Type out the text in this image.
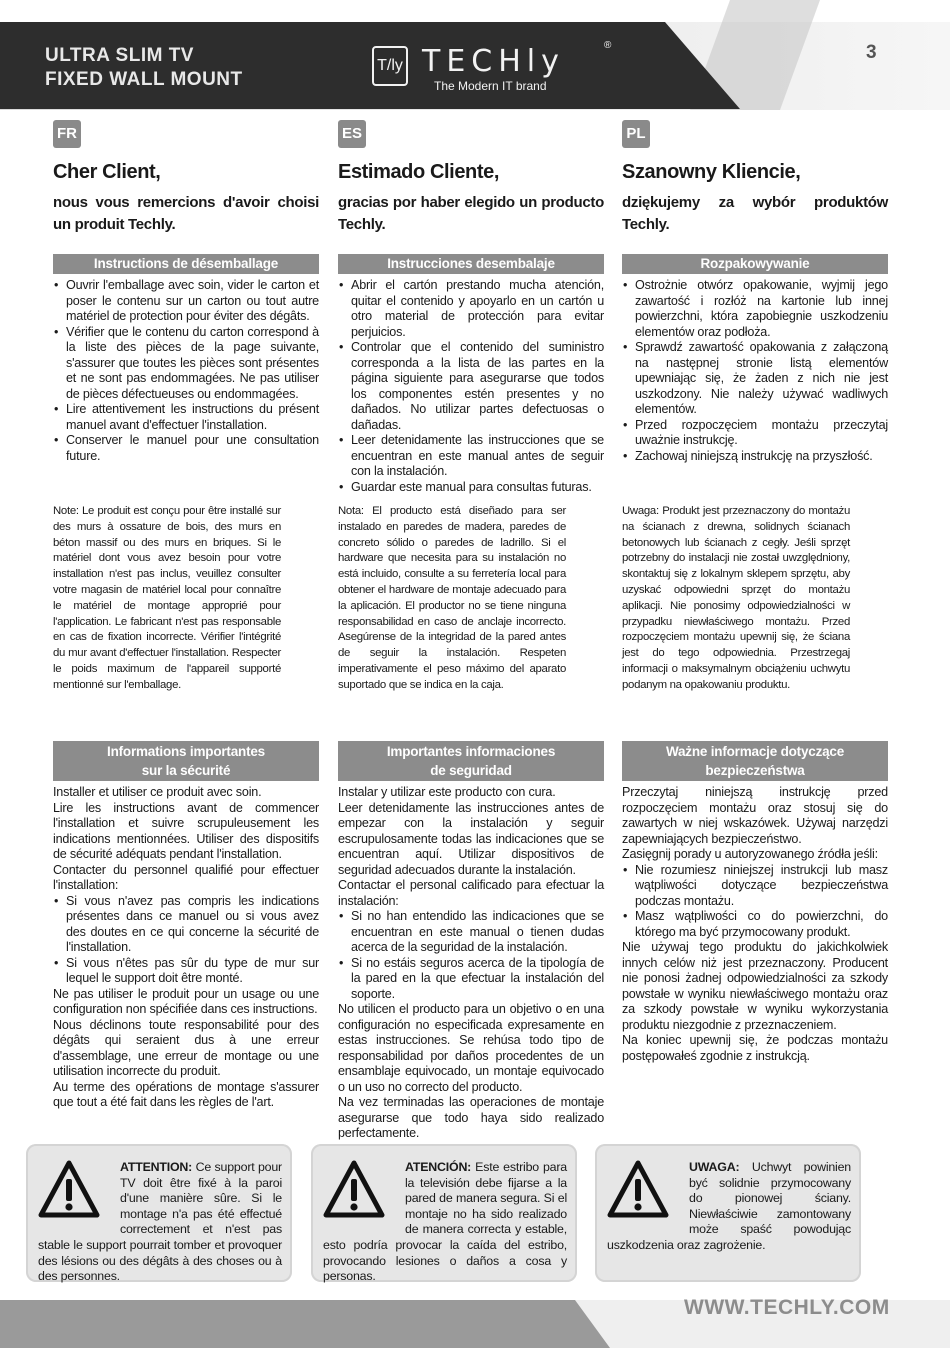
ULTRA SLIM TV
FIXED WALL MOUNT
T/ly TECHly	®
The Modern IT brand
3
FR
Cher Client,
nous vous remercions d'avoir choisi un produit Techly.
Instructions de désemballage
• Ouvrir l'emballage avec soin, vider le carton et poser le contenu sur un carton ou tout autre matériel de protection pour éviter des dégâts.
• Vérifier que le contenu du carton correspond à la liste des pièces de la page suivante, s'assurer que toutes les pièces sont présentes et ne sont pas endommagées. Ne pas utiliser de pièces défectueuses ou endommagées.
• Lire attentivement les instructions du présent manuel avant d'effectuer l'installation.
• Conserver le manuel pour une consultation future.
Note: Le produit est conçu pour être installé sur des murs à ossature de bois, des murs en béton massif ou des murs en briques. Si le matériel dont vous avez besoin pour votre installation n'est pas inclus, veuillez consulter votre magasin de matériel local pour connaître le matériel de montage approprié pour l'application. Le fabricant n'est pas responsable en cas de fixation incorrecte. Vérifier l'intégrité du mur avant d'effectuer l'installation. Respecter le poids maximum de l'appareil supporté mentionné sur l'emballage.
Informations importantes
sur la sécurité

Installer et utiliser ce produit avec soin.

Lire les instructions avant de commencer l'installation et suivre scrupuleusement les indications mentionnées. Utiliser des dispositifs de sécurité adéquats pendant l'installation.

Contacter du personnel qualifié pour effectuer l'installation:

• Si vous n'avez pas compris les indications présentes dans ce manuel ou si vous avez des doutes en ce qui concerne la sécurité de l'installation.
• Si vous n'êtes pas sûr du type de mur sur lequel le support doit être monté.

Ne pas utiliser le produit pour un usage ou une configuration non spécifiée dans ces instructions.

Nous déclinons toute responsabilité pour des dégâts qui seraient dus à une erreur d'assemblage, une erreur de montage ou une utilisation incorrecte du produit.

Au terme des opérations de montage s'assurer que tout a été fait dans les règles de l'art.

ATTENTION: Ce support pour TV doit être fixé à la paroi d'une manière sûre. Si le montage n'a pas été effectué correctement et n'est pas stable le support pourrait tomber et provoquer des lésions ou des dégâts à des choses ou à des personnes.
ES
Estimado Cliente,
gracias por haber elegido un producto Techly.
Instrucciones desembalaje
• Abrir el cartón prestando mucha atención, quitar el contenido y apoyarlo en un cartón u otro material de protección para evitar perjuicios.
• Controlar que el contenido del suministro corresponda a la lista de las partes en la página siguiente para asegurarse que todos los componentes estén presentes y no dañados. No utilizar partes defectuosas o dañadas.
• Leer detenidamente las instrucciones que se encuentran en este manual antes de seguir con la instalación.
• Guardar este manual para consultas futuras.
Nota: El producto está diseñado para ser instalado en paredes de madera, paredes de concreto sólido o paredes de ladrillo. Si el hardware que necesita para su instalación no está incluido, consulte a su ferretería local para obtener el hardware de montaje adecuado para la aplicación. El productor no se tiene ninguna responsabilidad en caso de anclaje incorrecto. Asegúrense de la integridad de la pared antes de seguir la instalación. Respeten imperativamente el peso máximo del aparato suportado que se indica en la caja.
Importantes informaciones
de seguridad

Instalar y utilizar este producto con cura.

Leer detenidamente las instrucciones antes de empezar con la instalación y seguir escrupulosamente todas las indicaciones que se encuentran aquí. Utilizar dispositivos de seguridad adecuados durante la instalación.

Contactar el personal calificado para efectuar la instalación:

• Si no han entendido las indicaciones que se encuentran en este manual o tienen dudas acerca de la seguridad de la instalación.
• Si no estáis seguros acerca de la tipología de la pared en la que efectuar la instalación del soporte.

No utilicen el producto para un objetivo o en una configuración no especificada expresamente en estas instrucciones. Se rehúsa todo tipo de responsabilidad por daños procedentes de un ensamblaje equivocado, un montaje equivocado o un uso no correcto del producto.

Na vez terminadas las operaciones de montaje asegurarse que todo haya sido realizado perfectamente.

ATENCIÓN: Este estribo para la televisión debe fijarse a la pared de manera segura. Si el montaje no ha sido realizado de manera correcta y estable, esto podría provocar la caída del estribo, provocando lesiones o daños a cosa y personas.
PL
Szanowny Kliencie,
dziękujemy za wybór produktów Techly.
Rozpakowywanie
• Ostrożnie otwórz opakowanie, wyjmij jego zawartość i rozłóż na kartonie lub innej powierzchni, która zapobiegnie uszkodzeniu elementów oraz podłoża.
• Sprawdź zawartość opakowania z załączoną na następnej stronie listą elementów upewniając się, że żaden z nich nie jest uszkodzony. Nie należy używać wadliwych elementów.
• Przed rozpoczęciem montażu przeczytaj uważnie instrukcję.
• Zachowaj niniejszą instrukcję na przyszłość.
Uwaga: Produkt jest przeznaczony do montażu na ścianach z drewna, solidnych ścianach betonowych lub ścianach z cegły. Jeśli sprzęt potrzebny do instalacji nie został uwzględniony, skontaktuj się z lokalnym sklepem sprzętu, aby uzyskać odpowiedni sprzęt do montażu aplikacji. Nie ponosimy odpowiedzialności w przypadku niewłaściwego montażu. Przed rozpoczęciem montażu upewnij się, że ściana jest do tego odpowiednia. Przestrzegaj informacji o maksymalnym obciążeniu uchwytu podanym na opakowaniu produktu.
Ważne informacje dotyczące
bezpieczeństwa

Przeczytaj niniejszą instrukcję przed rozpoczęciem montażu oraz stosuj się do zawartych w niej wskazówek. Używaj narzędzi zapewniających bezpieczeństwo.

Zasięgnij porady u autoryzowanego źródła jeśli:

• Nie rozumiesz niniejszej instrukcji lub masz wątpliwości dotyczące bezpieczeństwa podczas montażu.
• Masz wątpliwości co do powierzchni, do którego ma być przymocowany produkt.

Nie używaj tego produktu do jakichkolwiek innych celów niż jest przeznaczony. Producent nie ponosi żadnej odpowiedzialności za szkody powstałe w wyniku niewłaściwego montażu oraz za szkody powstałe w wyniku wykorzystania produktu niezgodnie z przeznaczeniem.

Na koniec upewnij się, że podczas montażu postępowałeś zgodnie z instrukcją.

UWAGA: Uchwyt powinien być solidnie przymocowany do pionowej ściany. Niewłaściwie zamontowany może spaść powodując uszkodzenia oraz zagrożenie.
WWW.TECHLY.COM
